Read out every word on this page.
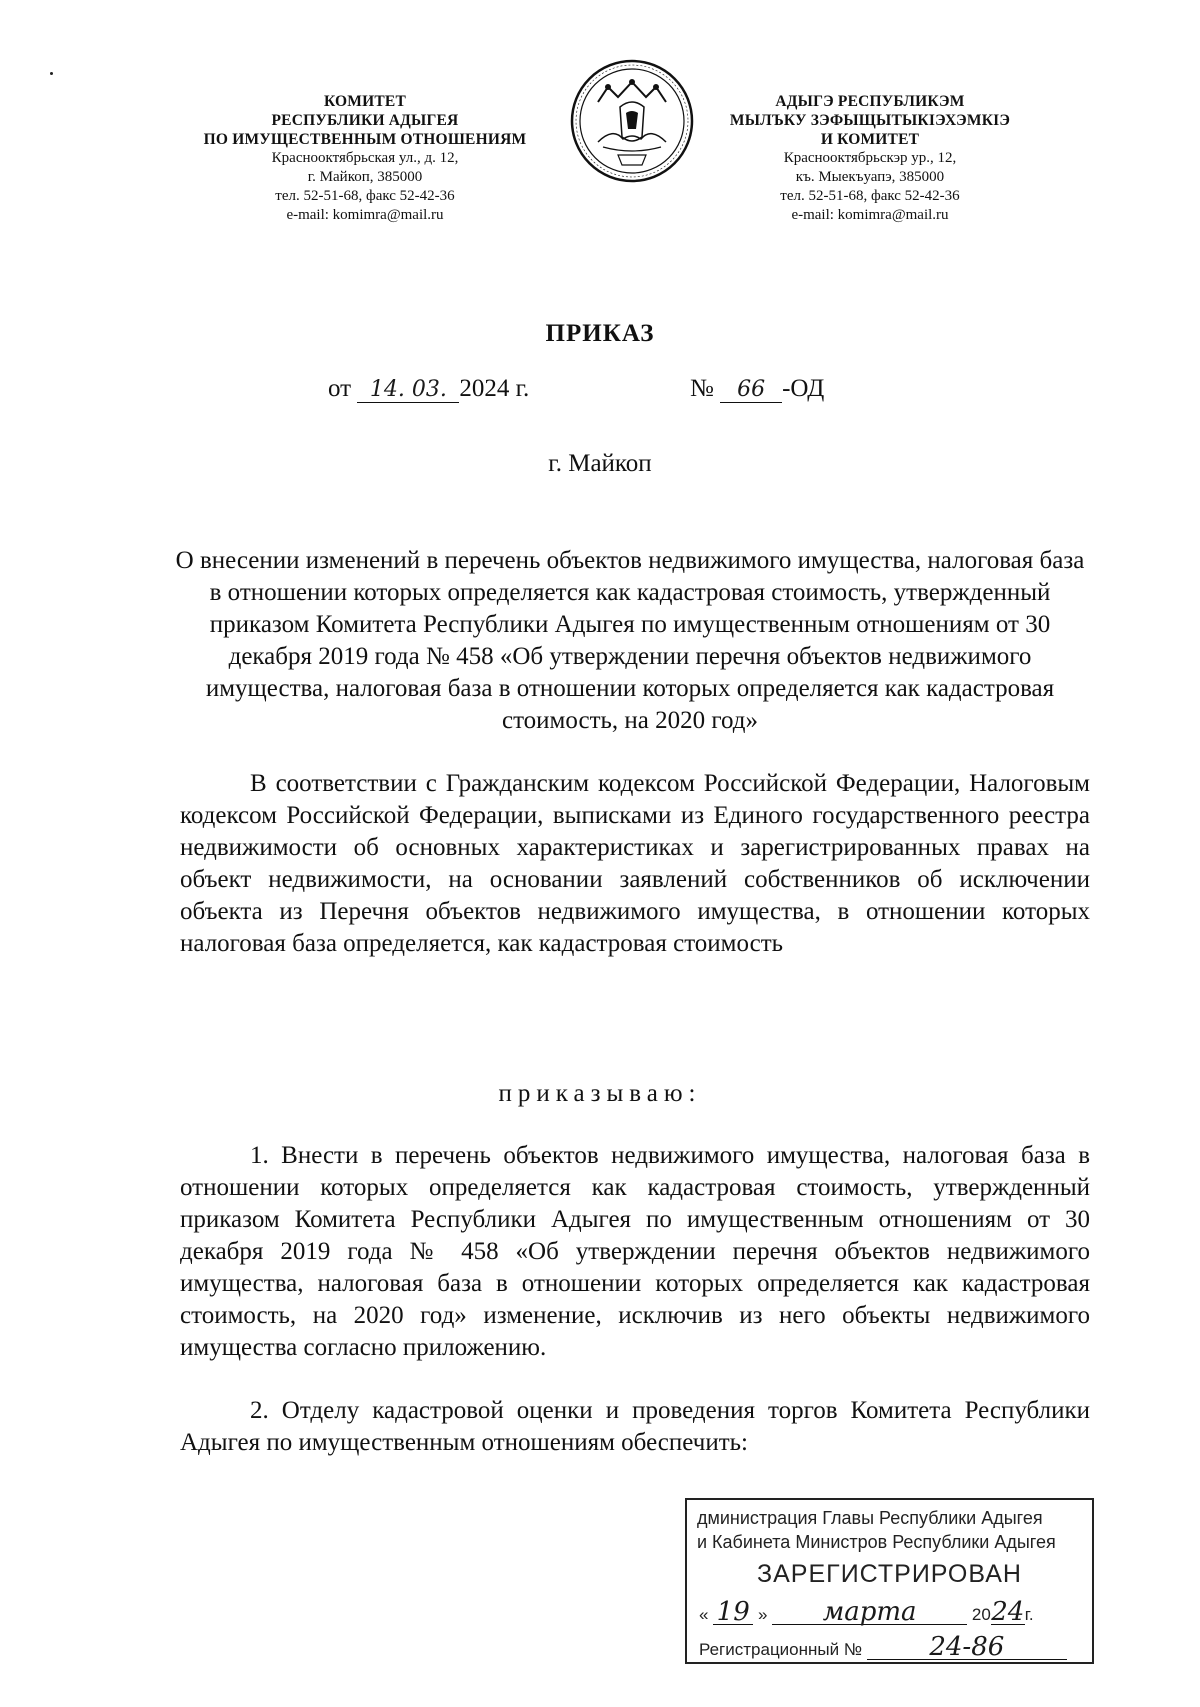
КОМИТЕТ
РЕСПУБЛИКИ АДЫГЕЯ
ПО ИМУЩЕСТВЕННЫМ ОТНОШЕНИЯМ
Краснооктябрьская ул., д. 12,
г. Майкоп, 385000
тел. 52-51-68, факс 52-42-36
e-mail: komimra@mail.ru
АДЫГЭ РЕСПУБЛИКЭМ
МЫЛЪКУ ЗЭФЫЩЫТЫКIЭХЭМКIЭ
И КОМИТЕТ
Краснооктябрьскэр ур., 12,
къ. Мыекъуапэ, 385000
тел. 52-51-68, факс 52-42-36
e-mail: komimra@mail.ru
ПРИКАЗ
от 14. 03. 2024 г.	№ 66 -ОД
г. Майкоп
О внесении изменений в перечень объектов недвижимого имущества, налоговая база в отношении которых определяется как кадастровая стоимость, утвержденный приказом Комитета Республики Адыгея по имущественным отношениям от 30 декабря 2019 года № 458 «Об утверждении перечня объектов недвижимого имущества, налоговая база в отношении которых определяется как кадастровая стоимость, на 2020 год»
В соответствии с Гражданским кодексом Российской Федерации, Налоговым кодексом Российской Федерации, выписками из Единого государственного реестра недвижимости об основных характеристиках и зарегистрированных правах на объект недвижимости, на основании заявлений собственников об исключении объекта из Перечня объектов недвижимого имущества, в отношении которых налоговая база определяется, как кадастровая стоимость
приказываю:
1. Внести в перечень объектов недвижимого имущества, налоговая база в отношении которых определяется как кадастровая стоимость, утвержденный приказом Комитета Республики Адыгея по имущественным отношениям от 30 декабря 2019 года № 458 «Об утверждении перечня объектов недвижимого имущества, налоговая база в отношении которых определяется как кадастровая стоимость, на 2020 год» изменение, исключив из него объекты недвижимого имущества согласно приложению.
2. Отделу кадастровой оценки и проведения торгов Комитета Республики Адыгея по имущественным отношениям обеспечить:
дминистрация Главы Республики Адыгея
и Кабинета Министров Республики Адыгея
ЗАРЕГИСТРИРОВАН
« 19 » марта	2024г.
Регистрационный №	24-86
